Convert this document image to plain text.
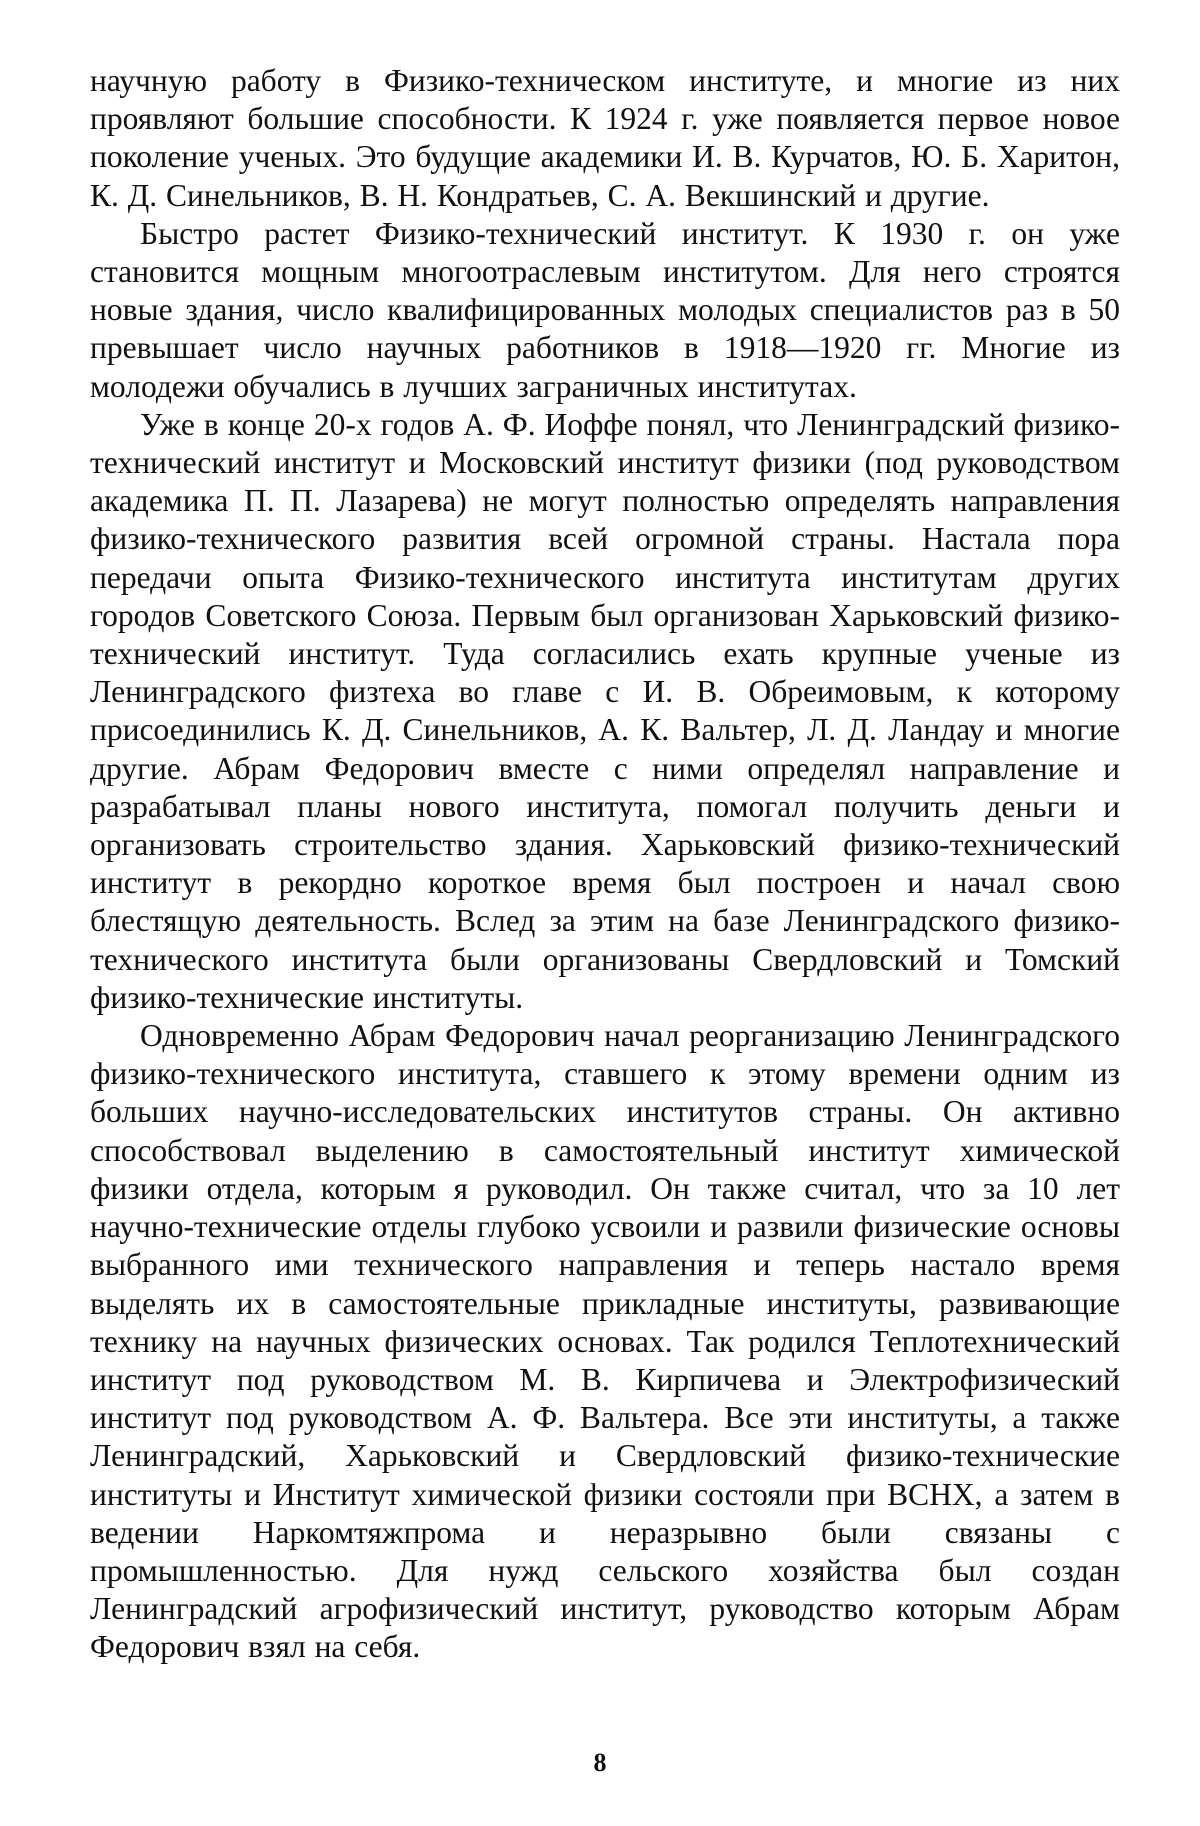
научную работу в Физико-техническом институте, и многие из них проявляют большие способности. К 1924 г. уже появляется первое новое поколение ученых. Это будущие академики И. В. Курчатов, Ю. Б. Харитон, К. Д. Синельников, В. Н. Кондратьев, С. А. Векшинский и другие.

Быстро растет Физико-технический институт. К 1930 г. он уже становится мощным многоотраслевым институтом. Для него строятся новые здания, число квалифицированных молодых специалистов раз в 50 превышает число научных работников в 1918—1920 гг. Многие из молодежи обучались в лучших заграничных институтах.

Уже в конце 20-х годов А. Ф. Иоффе понял, что Ленинградский физико-технический институт и Московский институт физики (под руководством академика П. П. Лазарева) не могут полностью определять направления физико-технического развития всей огромной страны. Настала пора передачи опыта Физико-технического института институтам других городов Советского Союза. Первым был организован Харьковский физико-технический институт. Туда согласились ехать крупные ученые из Ленинградского физтеха во главе с И. В. Обреимовым, к которому присоединились К. Д. Синельников, А. К. Вальтер, Л. Д. Ландау и многие другие. Абрам Федорович вместе с ними определял направление и разрабатывал планы нового института, помогал получить деньги и организовать строительство здания. Харьковский физико-технический институт в рекордно короткое время был построен и начал свою блестящую деятельность. Вслед за этим на базе Ленинградского физико-технического института были организованы Свердловский и Томский физико-технические институты.

Одновременно Абрам Федорович начал реорганизацию Ленинградского физико-технического института, ставшего к этому времени одним из больших научно-исследовательских институтов страны. Он активно способствовал выделению в самостоятельный институт химической физики отдела, которым я руководил. Он также считал, что за 10 лет научно-технические отделы глубоко усвоили и развили физические основы выбранного ими технического направления и теперь настало время выделять их в самостоятельные прикладные институты, развивающие технику на научных физических основах. Так родился Теплотехнический институт под руководством М. В. Кирпичева и Электрофизический институт под руководством А. Ф. Вальтера. Все эти институты, а также Ленинградский, Харьковский и Свердловский физико-технические институты и Институт химической физики состояли при ВСНХ, а затем в ведении Наркомтяжпрома и неразрывно были связаны с промышленностью. Для нужд сельского хозяйства был создан Ленинградский агрофизический институт, руководство которым Абрам Федорович взял на себя.

8
